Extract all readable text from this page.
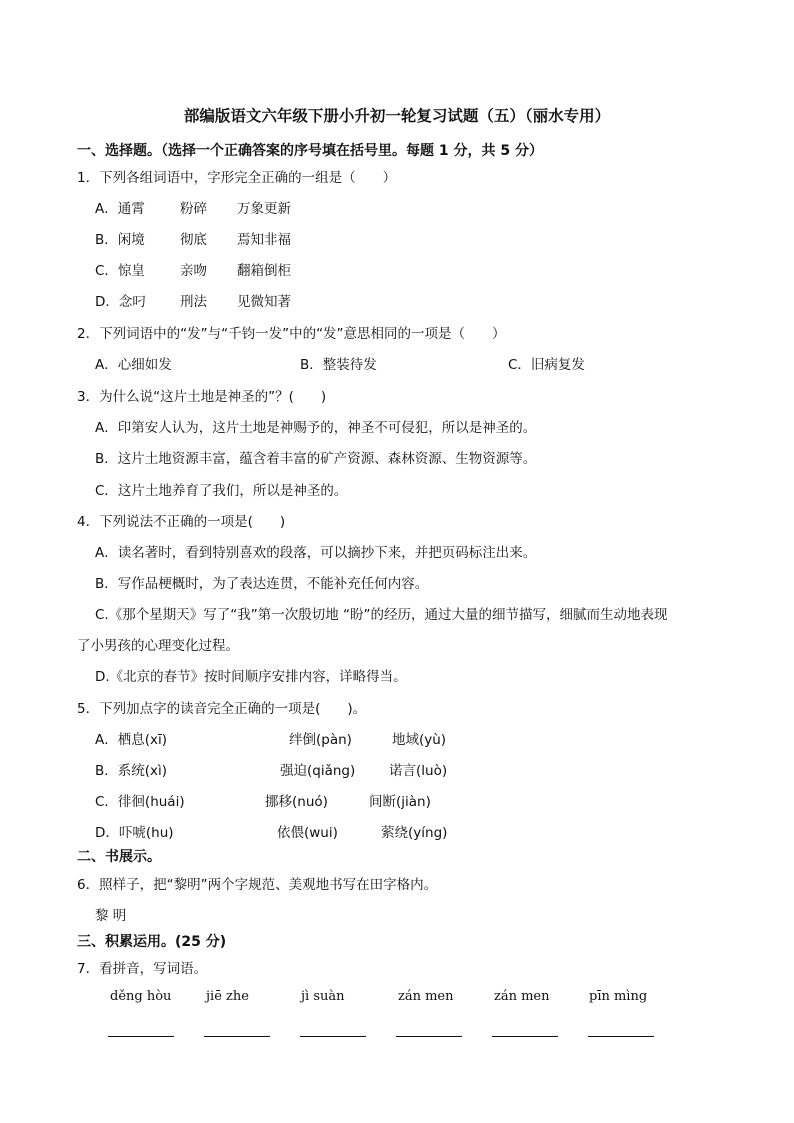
部编版语文六年级下册小升初一轮复习试题（五）（丽水专用）
一、选择题。（选择一个正确答案的序号填在括号里。每题 1 分，共 5 分）
1．下列各组词语中，字形完全正确的一组是（　　）
A．通霄	粉碎 万象更新
B．闲境	彻底 焉知非福
C．惊皇	亲吻 翻箱倒柜
D．念叼	刑法 见微知著
2．下列词语中的“发”与“千钧一发”中的“发”意思相同的一项是（　　）
A．心细如发	B．整装待发	C．旧病复发
3．为什么说“这片土地是神圣的”？(　　)
A．印第安人认为，这片土地是神赐予的，神圣不可侵犯，所以是神圣的。
B．这片土地资源丰富，蕴含着丰富的矿产资源、森林资源、生物资源等。
C．这片土地养育了我们，所以是神圣的。
4．下列说法不正确的一项是(　　)
A．读名著时，看到特别喜欢的段落，可以摘抄下来，并把页码标注出来。
B．写作品梗概时，为了表达连贯，不能补充任何内容。
C.《那个星期天》写了“我”第一次殷切地 “盼”的经历，通过大量的细节描写，细腻而生动地表现
了小男孩的心理变化过程。
D.《北京的春节》按时间顺序安排内容，详略得当。
5．下列加点字的读音完全正确的一项是(　　)。
A．栖息(xī)	绊倒(pàn)	地域(yù)
B．系统(xì)	强迫(qiǎng) 诺言(luò)
C．徘徊(huái)	挪移(nuó)	间断(jiàn)
D．吓唬(hu)	依偎(wui)	萦绕(yíng)
二、书展示。
6．照样子，把“黎明”两个字规范、美观地书写在田字格内。
黎 明
三、积累运用。(25 分)
7．看拼音，写词语。
děng hòu	jiē zhe	jì suàn	zán men	zán men	pīn mìng
